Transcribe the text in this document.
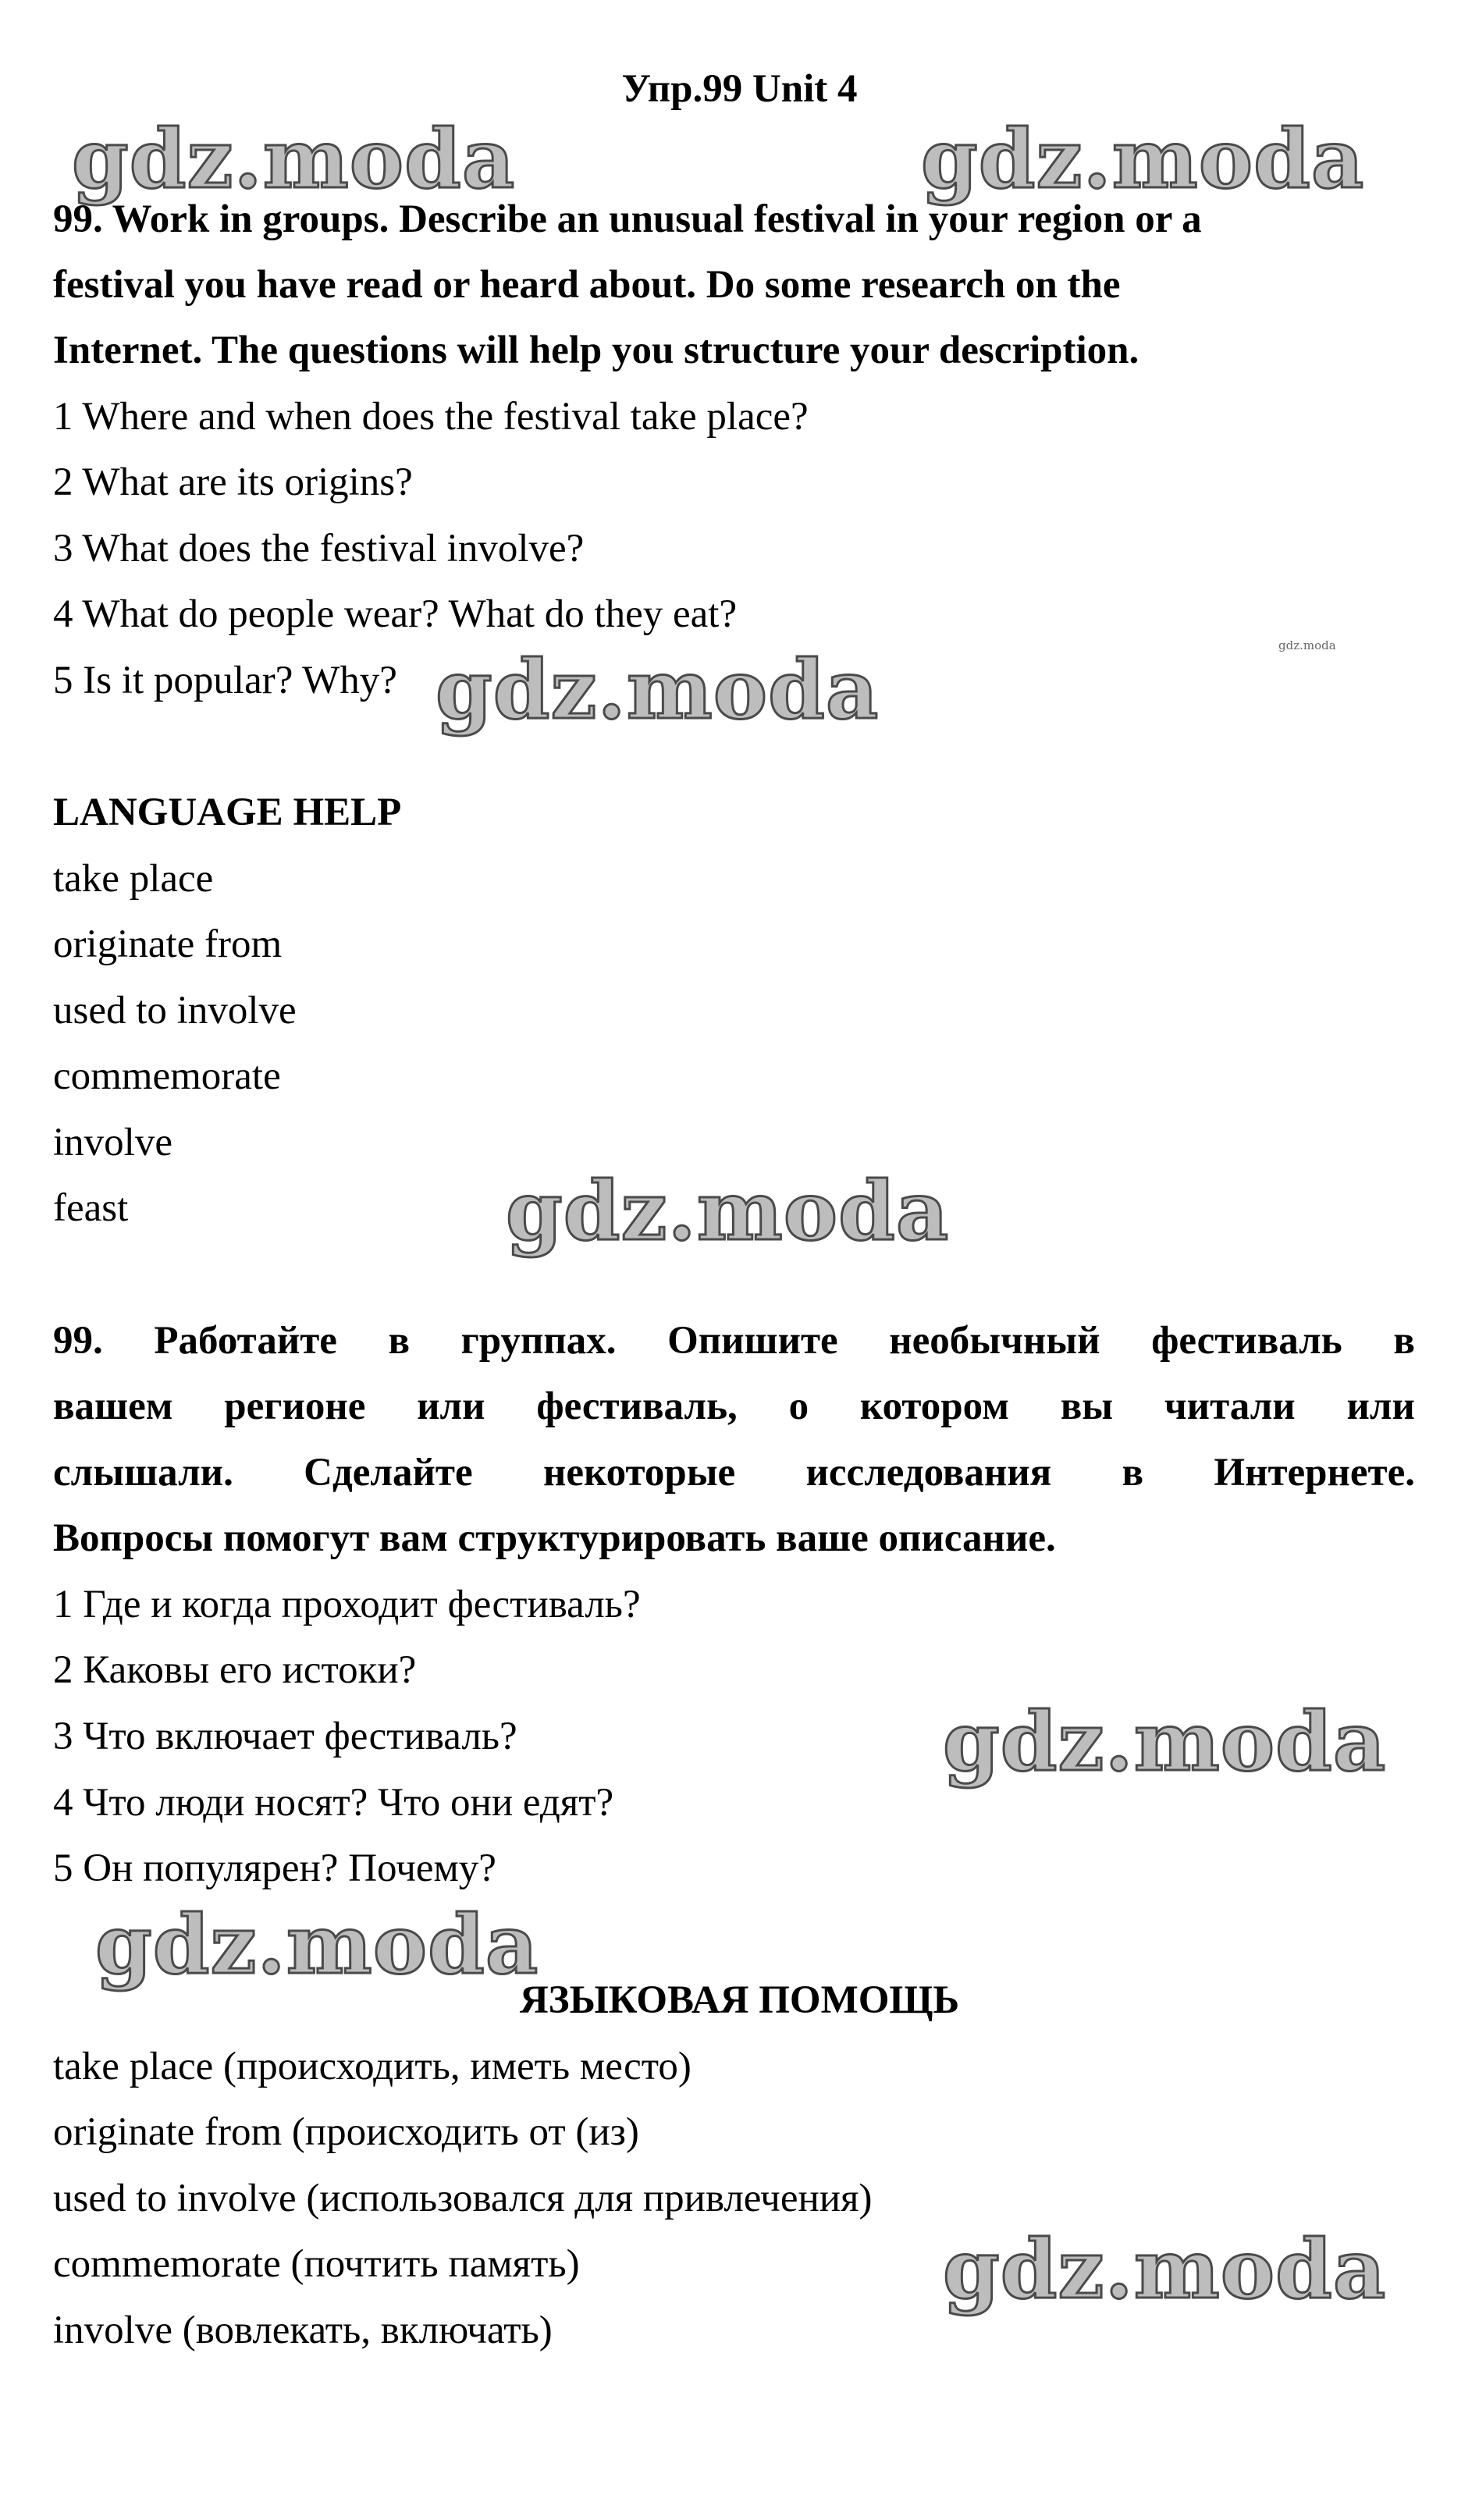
Упр.99 Unit 4
99. Work in groups. Describe an unusual festival in your region or a
festival you have read or heard about. Do some research on the
Internet. The questions will help you structure your description.
1 Where and when does the festival take place?
2 What are its origins?
3 What does the festival involve?
4 What do people wear? What do they eat?
5 Is it popular? Why?
LANGUAGE HELP
take place
originate from
used to involve
commemorate
involve
feast
99. Работайте в группах. Опишите необычный фестиваль в
вашем регионе или фестиваль, о котором вы читали или
слышали. Сделайте некоторые исследования в Интернете.
Вопросы помогут вам структурировать ваше описание.
1 Где и когда проходит фестиваль?
2 Каковы его истоки?
3 Что включает фестиваль?
4 Что люди носят? Что они едят?
5 Он популярен? Почему?
ЯЗЫКОВАЯ ПОМОЩЬ
take place (происходить, иметь место)
originate from (происходить от (из)
used to involve (использовался для привлечения)
commemorate (почтить память)
involve (вовлекать, включать)
gdz.moda	gdz.moda
gdz.moda	gdz.moda
gdz.moda
gdz.moda
gdz.moda
gdz.moda
